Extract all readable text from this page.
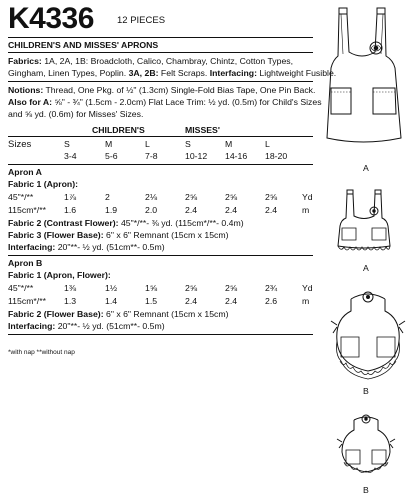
K4336 12 PIECES
CHILDREN'S AND MISSES' APRONS
Fabrics: 1A, 2A, 1B: Broadcloth, Calico, Chambray, Chintz, Cotton Types,
Gingham, Linen Types, Poplin. 3A, 2B: Felt Scraps. Interfacing: Lightweight Fusible.
Notions: Thread, One Pkg. of ½" (1.3cm) Single-Fold Bias Tape, One Pin Back.
Also for A: ⅝" - ¾" (1.5cm - 2.0cm) Flat Lace Trim: ½ yd. (0.5m) for Child's Sizes
and ⅝ yd. (0.6m) for Misses' Sizes.
CHILDREN'S	MISSES'
Sizes	S	M	L	S	M	L
3-4	5-6	7-8	10-12 14-16 18-20
Apron A
Fabric 1 (Apron):
45"*/**	1⅞	2	2⅛	2⅝	2⅝	2⅝	Yd
115cm*/** 1.6	1.9	2.0	2.4	2.4	2.4	m
Fabric 2 (Contrast Flower): 45"*/**- ⅜ yd. (115cm*/**- 0.4m)
Fabric 3 (Flower Base): 6" x 6" Remnant (15cm x 15cm)
Interfacing: 20"**- ½ yd. (51cm**- 0.5m)
Apron B
Fabric 1 (Apron, Flower):
45"*/**	1⅜	1½	1⅝	2⅝	2⅝	2¾	Yd
115cm*/** 1.3	1.4	1.5	2.4	2.4	2.6	m
Fabric 2 (Flower Base): 6" x 6" Remnant (15cm x 15cm)
Interfacing: 20"**- ½ yd. (51cm**- 0.5m)
*with nap **without nap
A
A
B
B
